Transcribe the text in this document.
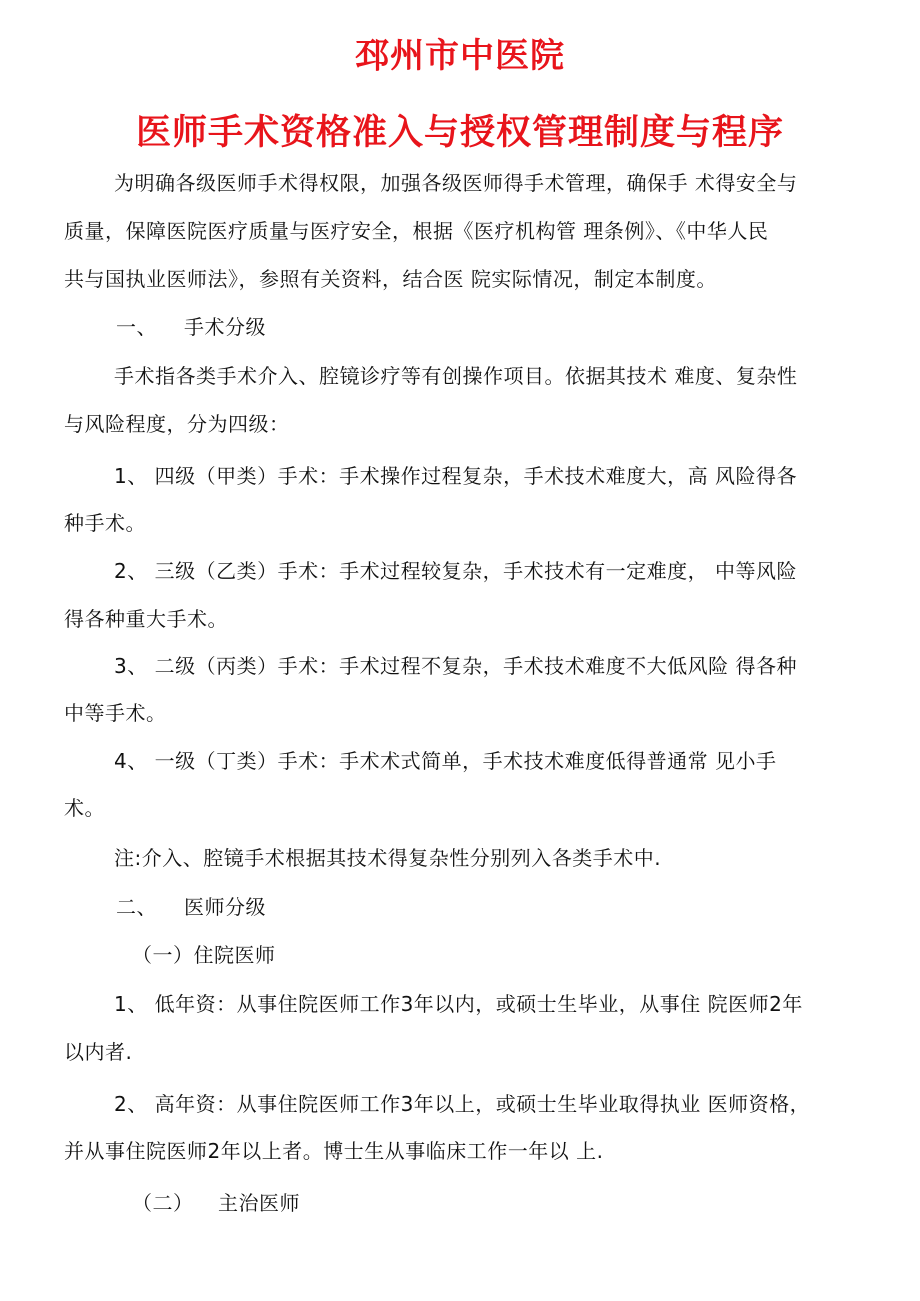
邳州市中医院
医师手术资格准入与授权管理制度与程序

为明确各级医师手术得权限，加强各级医师得手术管理，确保手 术得安全与

质量，保障医院医疗质量与医疗安全，根据《医疗机构管 理条例》、《中华人民

共与国执业医师法》，参照有关资料，结合医 院实际情况，制定本制度。

一、 手术分级

手术指各类手术介入、腔镜诊疗等有创操作项目。依据其技术 难度、复杂性

与风险程度，分为四级：

1、 四级（甲类）手术：手术操作过程复杂，手术技术难度大，高 风险得各

种手术。

2、 三级（乙类）手术：手术过程较复杂，手术技术有一定难度， 中等风险

得各种重大手术。

3、 二级（丙类）手术：手术过程不复杂，手术技术难度不大低风险 得各种

中等手术。

4、 一级（丁类）手术：手术术式简单，手术技术难度低得普通常 见小手

术。

注:介入、腔镜手术根据其技术得复杂性分别列入各类手术中.

二、 医师分级

（一）住院医师

1、 低年资：从事住院医师工作3年以内，或硕士生毕业，从事住 院医师2年

以内者.

2、 高年资：从事住院医师工作3年以上，或硕士生毕业取得执业 医师资格，

并从事住院医师2年以上者。博士生从事临床工作一年以 上.

（二） 主治医师
